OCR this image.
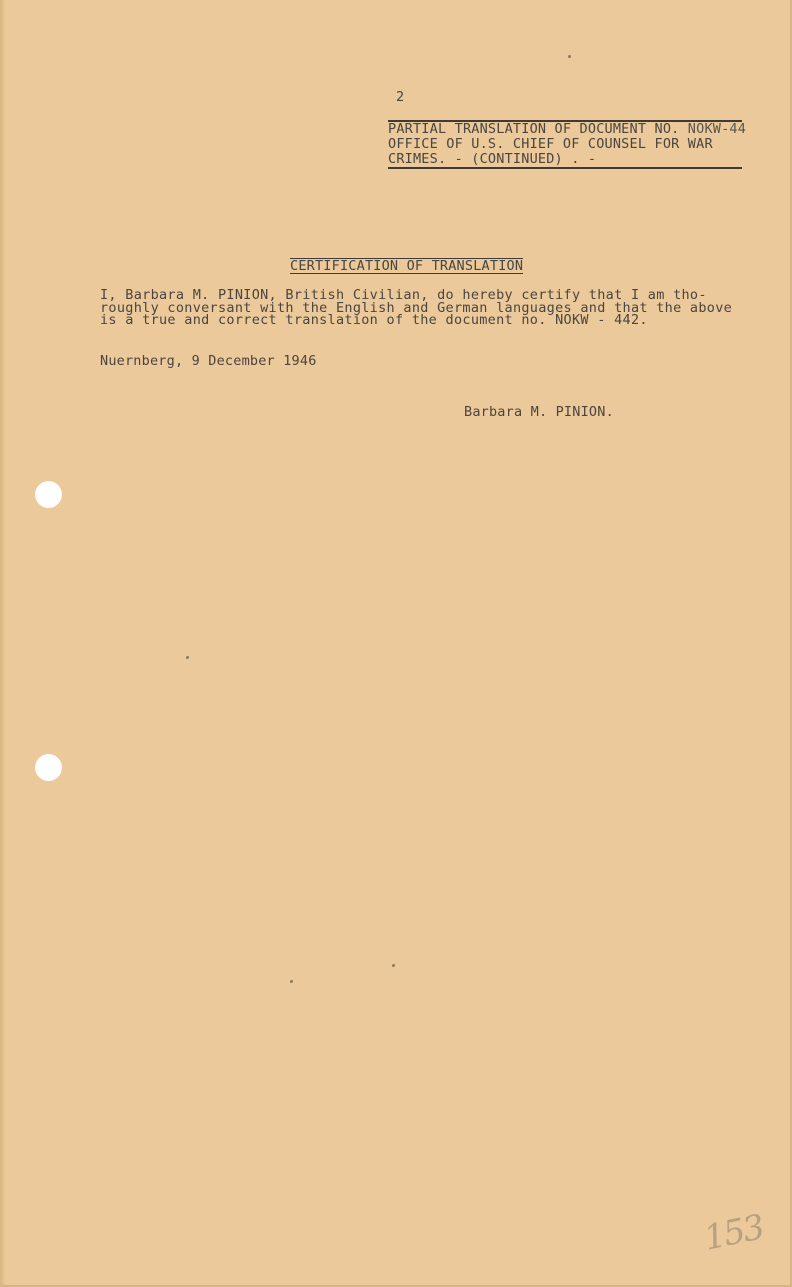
2
PARTIAL TRANSLATION OF DOCUMENT NO. NOKW-44
OFFICE OF U.S. CHIEF OF COUNSEL FOR WAR
CRIMES. - (CONTINUED) . -
CERTIFICATION OF TRANSLATION
I, Barbara M. PINION, British Civilian, do hereby certify that I am tho-
roughly conversant with the English and German languages and that the above
is a true and correct translation of the document no. NOKW - 442.
Nuernberg, 9 December 1946
Barbara M. PINION.
153
